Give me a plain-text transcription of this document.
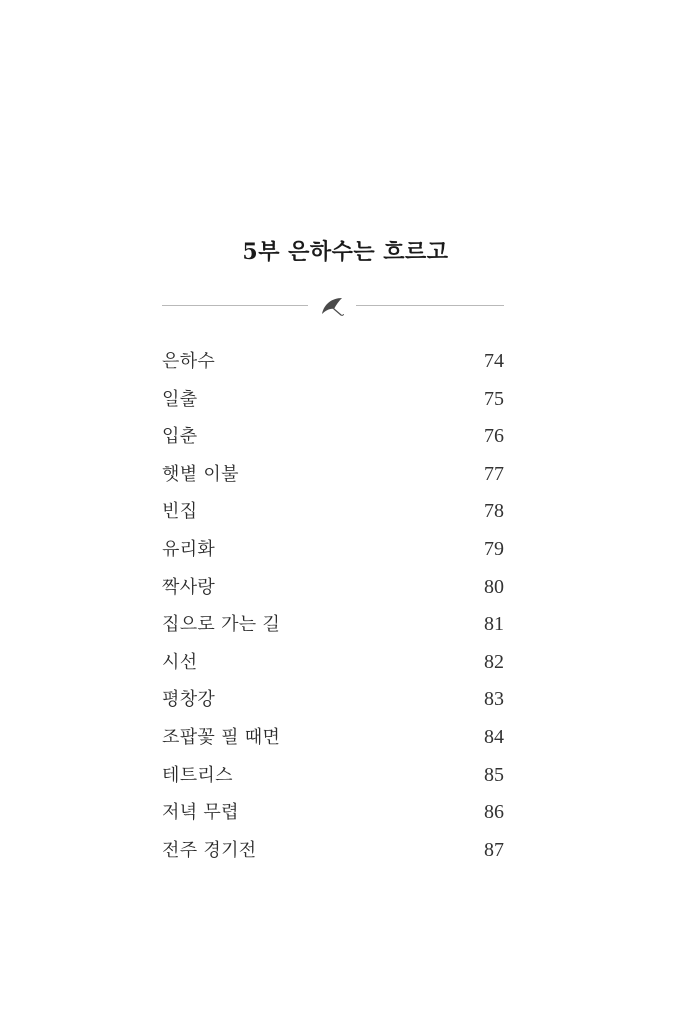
5부 은하수는 흐르고
은하수	74
일출	75
입춘	76
햇볕 이불	77
빈집	78
유리화	79
짝사랑	80
집으로 가는 길	81
시선	82
평창강	83
조팝꽃 필 때면	84
테트리스	85
저녁 무렵	86
전주 경기전	87
